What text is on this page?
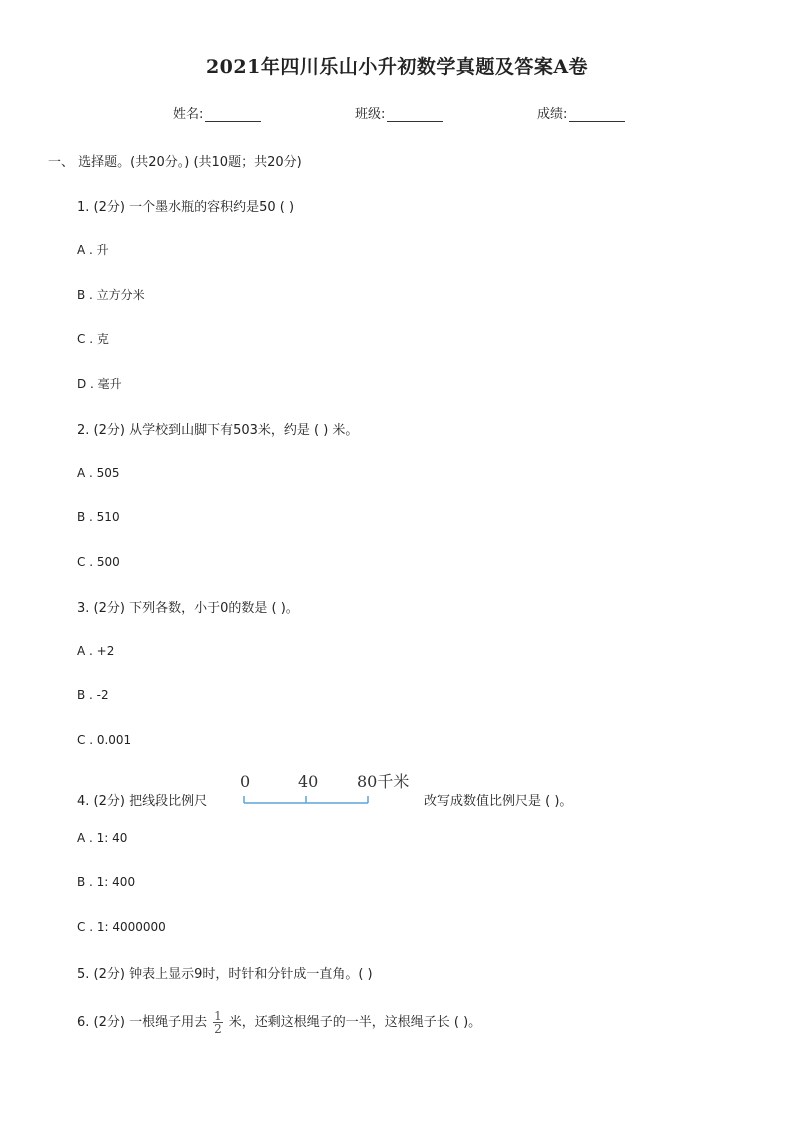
2021年四川乐山小升初数学真题及答案A卷
姓名:	班级:	成绩:
一、 选择题。(共20分。) (共10题；共20分)
1. (2分) 一个墨水瓶的容积约是50 ( )
A . 升
B . 立方分米
C . 克
D . 毫升
2. (2分) 从学校到山脚下有503米，约是 ( ) 米。
A . 505
B . 510
C . 500
3. (2分) 下列各数，小于0的数是 ( )。
A . +2
B . -2
C . 0.001
4. (2分) 把线段比例尺
0	40 80千米
改写成数值比例尺是 ( )。
A . 1: 40
B . 1: 400
C . 1: 4000000
5. (2分) 钟表上显示9时，时针和分针成一直角。( )
6. (2分) 一根绳子用去 $\frac{1}{2}$ 米，还剩这根绳子的一半，这根绳子长 ( )。
